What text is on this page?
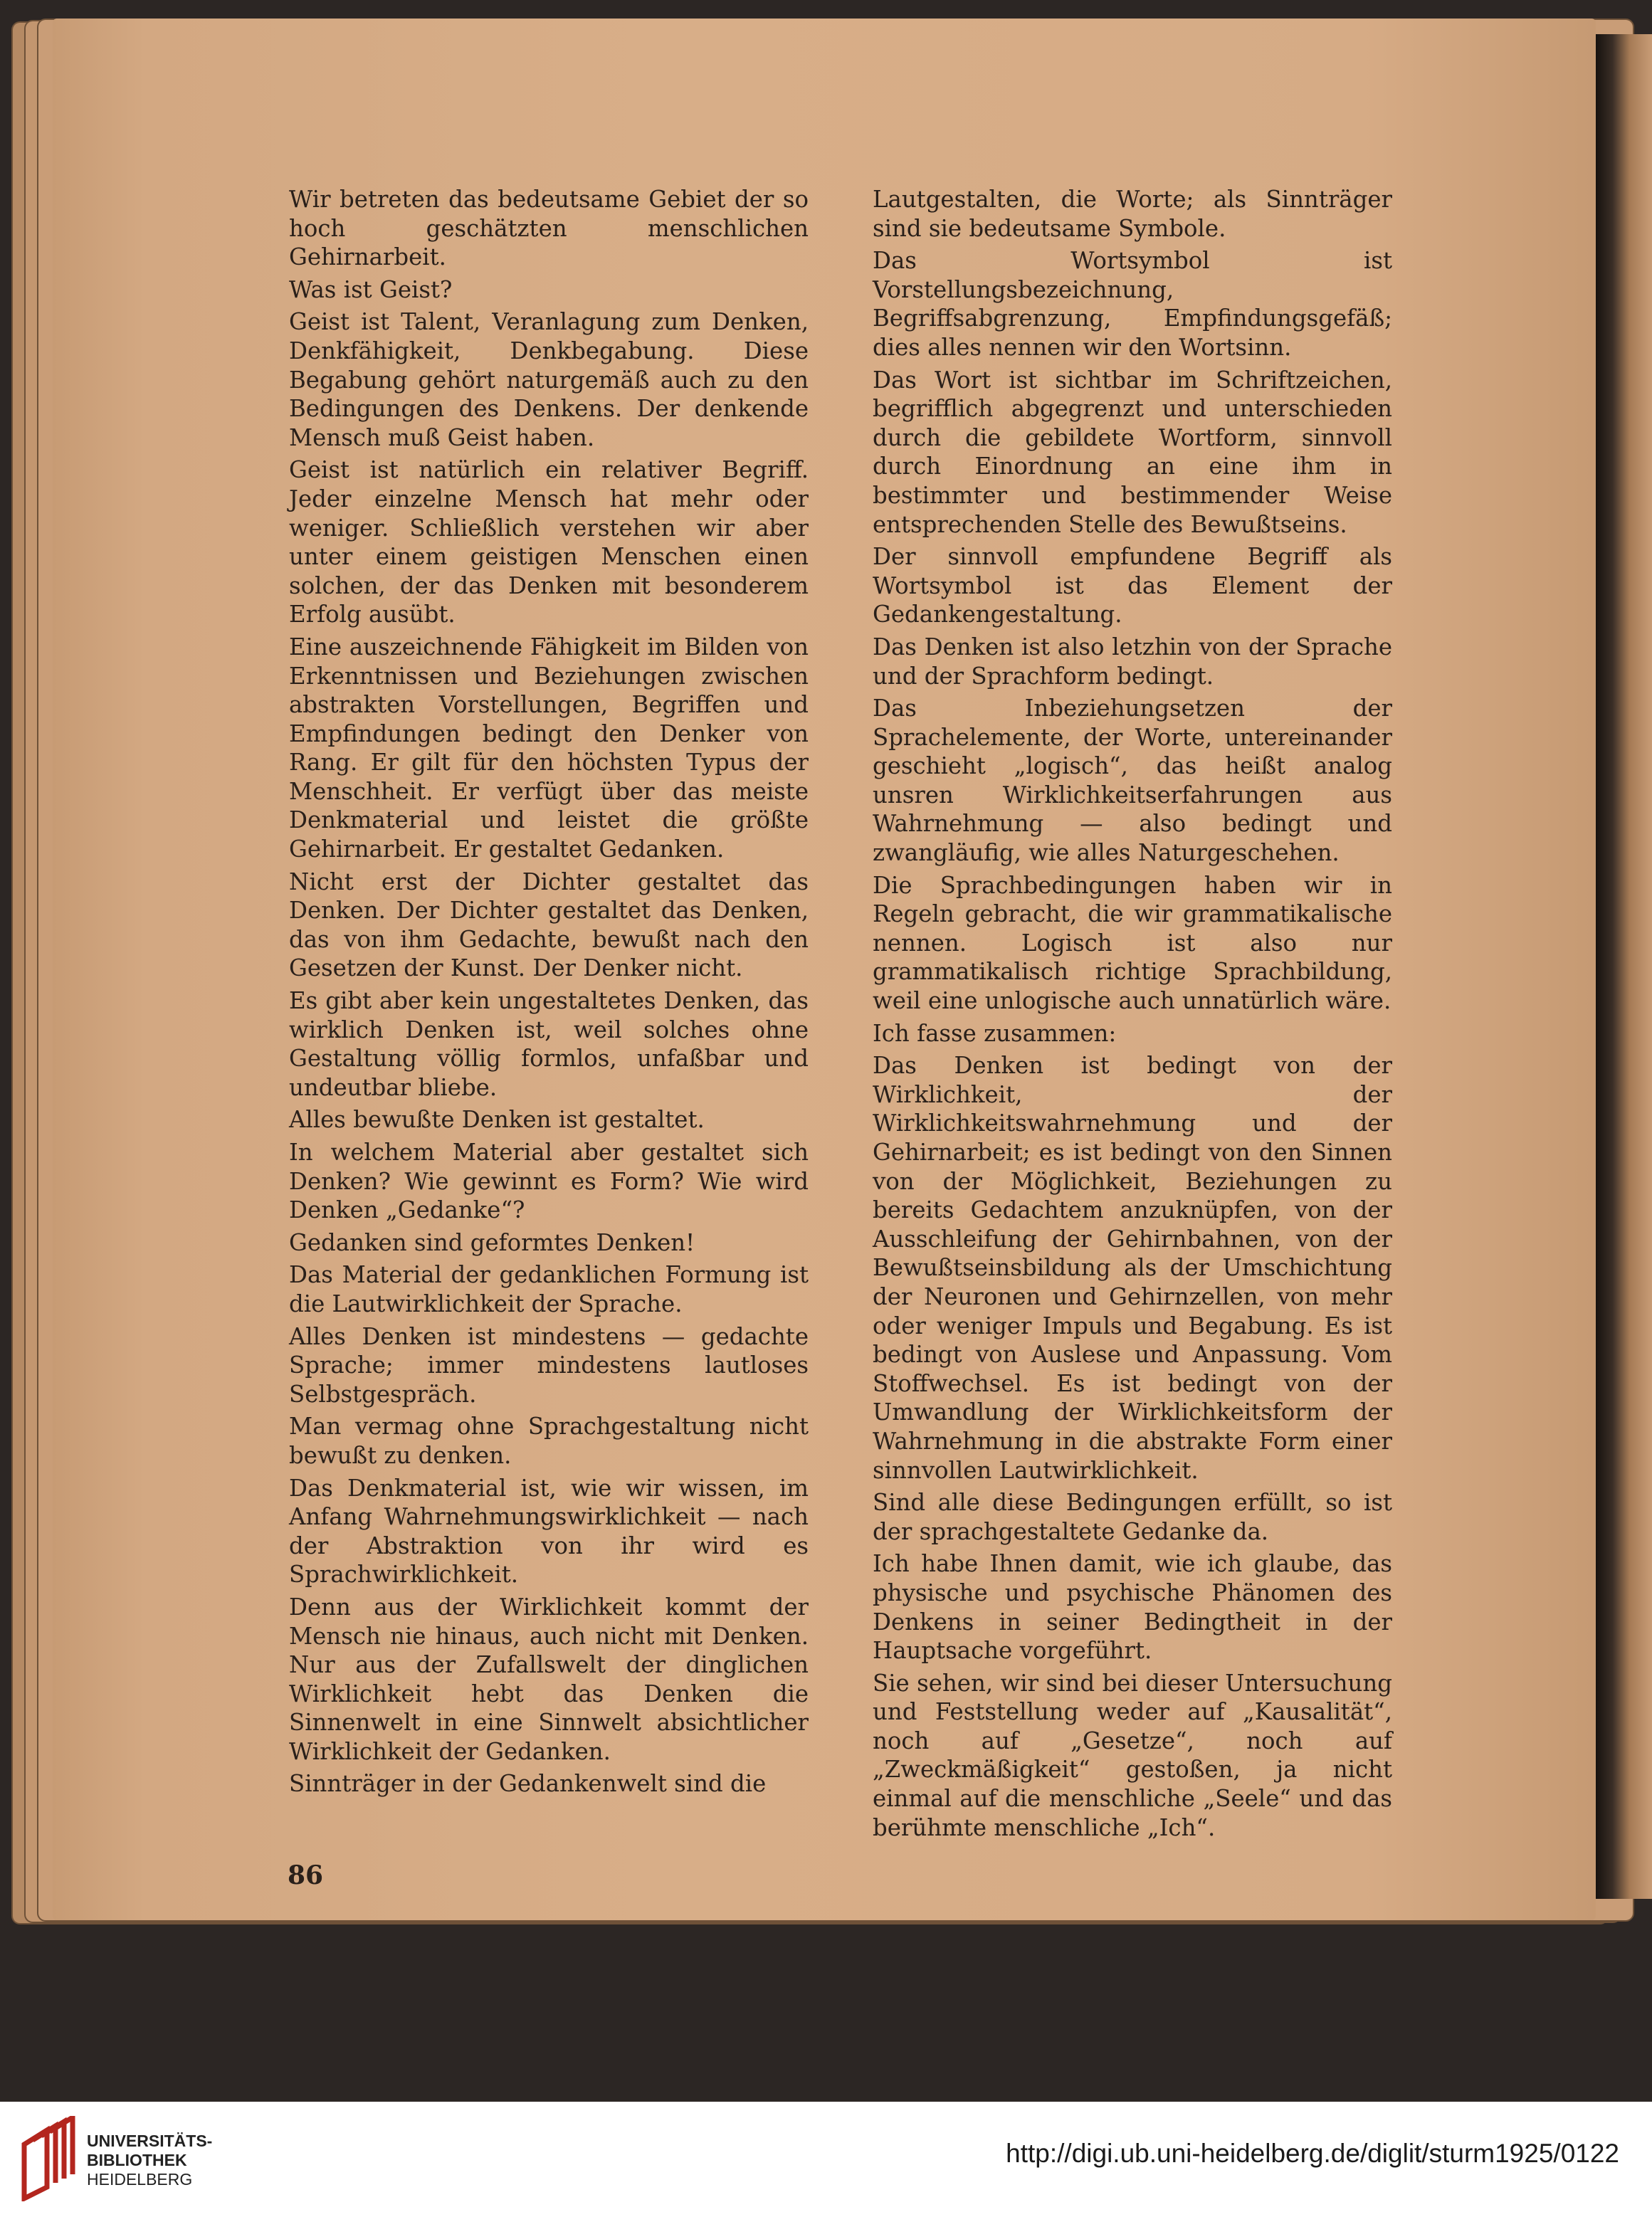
Wir betreten das bedeutsame Gebiet der so hoch geschätzten menschlichen Gehirnarbeit.

Was ist Geist?

Geist ist Talent, Veranlagung zum Denken, Denkfähigkeit, Denkbegabung. Diese Begabung gehört naturgemäß auch zu den Bedingungen des Denkens. Der denkende Mensch muß Geist haben.

Geist ist natürlich ein relativer Begriff. Jeder einzelne Mensch hat mehr oder weniger. Schließlich verstehen wir aber unter einem geistigen Menschen einen solchen, der das Denken mit besonderem Erfolg ausübt.

Eine auszeichnende Fähigkeit im Bilden von Erkenntnissen und Beziehungen zwischen abstrakten Vorstellungen, Begriffen und Empfindungen bedingt den Denker von Rang. Er gilt für den höchsten Typus der Menschheit. Er verfügt über das meiste Denkmaterial und leistet die größte Gehirnarbeit. Er gestaltet Gedanken.

Nicht erst der Dichter gestaltet das Denken. Der Dichter gestaltet das Denken, das von ihm Gedachte, bewußt nach den Gesetzen der Kunst. Der Denker nicht.

Es gibt aber kein ungestaltetes Denken, das wirklich Denken ist, weil solches ohne Gestaltung völlig formlos, unfaßbar und undeutbar bliebe.

Alles bewußte Denken ist gestaltet.

In welchem Material aber gestaltet sich Denken? Wie gewinnt es Form? Wie wird Denken „Gedanke“?

Gedanken sind geformtes Denken!

Das Material der gedanklichen Formung ist die Lautwirklichkeit der Sprache.

Alles Denken ist mindestens — gedachte Sprache; immer mindestens lautloses Selbstgespräch.

Man vermag ohne Sprachgestaltung nicht bewußt zu denken.

Das Denkmaterial ist, wie wir wissen, im Anfang Wahrnehmungswirklichkeit — nach der Abstraktion von ihr wird es Sprachwirklichkeit.

Denn aus der Wirklichkeit kommt der Mensch nie hinaus, auch nicht mit Denken. Nur aus der Zufallswelt der dinglichen Wirklichkeit hebt das Denken die Sinnenwelt in eine Sinnwelt absichtlicher Wirklichkeit der Gedanken.

Sinnträger in der Gedankenwelt sind die

Lautgestalten, die Worte; als Sinnträger sind sie bedeutsame Symbole.

Das Wortsymbol ist Vorstellungsbezeichnung, Begriffsabgrenzung, Empfindungsgefäß; dies alles nennen wir den Wortsinn.

Das Wort ist sichtbar im Schriftzeichen, begrifflich abgegrenzt und unterschieden durch die gebildete Wortform, sinnvoll durch Einordnung an eine ihm in bestimmter und bestimmender Weise entsprechenden Stelle des Bewußtseins.

Der sinnvoll empfundene Begriff als Wortsymbol ist das Element der Gedankengestaltung.

Das Denken ist also letzhin von der Sprache und der Sprachform bedingt.

Das Inbeziehungsetzen der Sprachelemente, der Worte, untereinander geschieht „logisch“, das heißt analog unsren Wirklichkeitserfahrungen aus Wahrnehmung — also bedingt und zwangläufig, wie alles Naturgeschehen.

Die Sprachbedingungen haben wir in Regeln gebracht, die wir grammatikalische nennen. Logisch ist also nur grammatikalisch richtige Sprachbildung, weil eine unlogische auch unnatürlich wäre.

Ich fasse zusammen:

Das Denken ist bedingt von der Wirklichkeit, der Wirklichkeitswahrnehmung und der Gehirnarbeit; es ist bedingt von den Sinnen von der Möglichkeit, Beziehungen zu bereits Gedachtem anzuknüpfen, von der Ausschleifung der Gehirnbahnen, von der Bewußtseinsbildung als der Umschichtung der Neuronen und Gehirnzellen, von mehr oder weniger Impuls und Begabung. Es ist bedingt von Auslese und Anpassung. Vom Stoffwechsel. Es ist bedingt von der Umwandlung der Wirklichkeitsform der Wahrnehmung in die abstrakte Form einer sinnvollen Lautwirklichkeit.

Sind alle diese Bedingungen erfüllt, so ist der sprachgestaltete Gedanke da.

Ich habe Ihnen damit, wie ich glaube, das physische und psychische Phänomen des Denkens in seiner Bedingtheit in der Hauptsache vorgeführt.

Sie sehen, wir sind bei dieser Untersuchung und Feststellung weder auf „Kausalität“, noch auf „Gesetze“, noch auf „Zweckmäßigkeit“ gestoßen, ja nicht einmal auf die menschliche „Seele“ und das berühmte menschliche „Ich“.

86
UNIVERSITÄTS-
BIBLIOTHEK
HEIDELBERG
http://digi.ub.uni-heidelberg.de/diglit/sturm1925/0122
